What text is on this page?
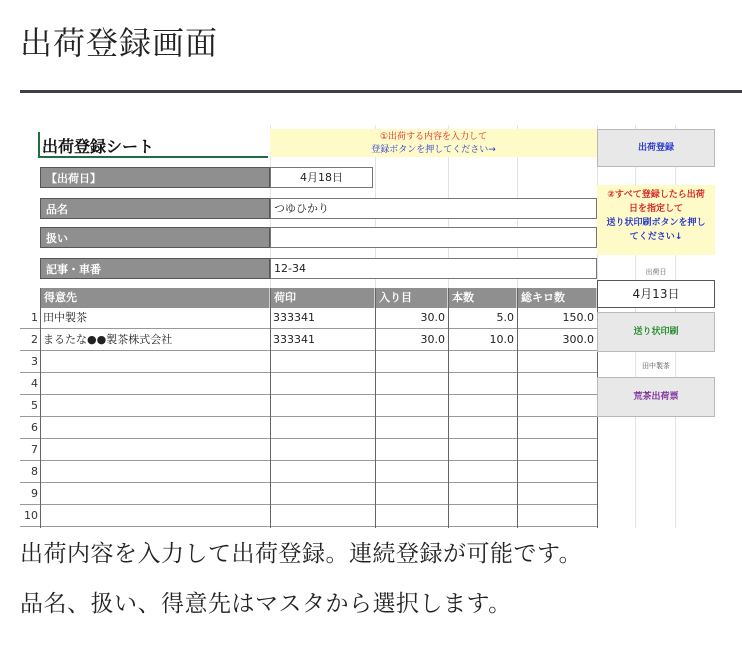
出荷登録画面
出荷登録シート	①出荷する内容を入力して
登録ボタンを押してください→
【出荷日】	4月18日
品名	つゆひかり
扱い
記事・車番	12-34
得意先	荷印	入り目	本数	総キロ数
1 田中製茶	333341	30.0	5.0	150.0
2 まるたな●●製茶株式会社	333341	30.0	10.0	300.0
3
4
5
6
7
8
9
10
出荷登録
②すべて登録したら出荷
日を指定して
送り状印刷ボタンを押し
てください↓
出荷日
4月13日
送り状印刷
田中製茶
荒茶出荷票
出荷内容を入力して出荷登録。連続登録が可能です。
品名、扱い、得意先はマスタから選択します。
